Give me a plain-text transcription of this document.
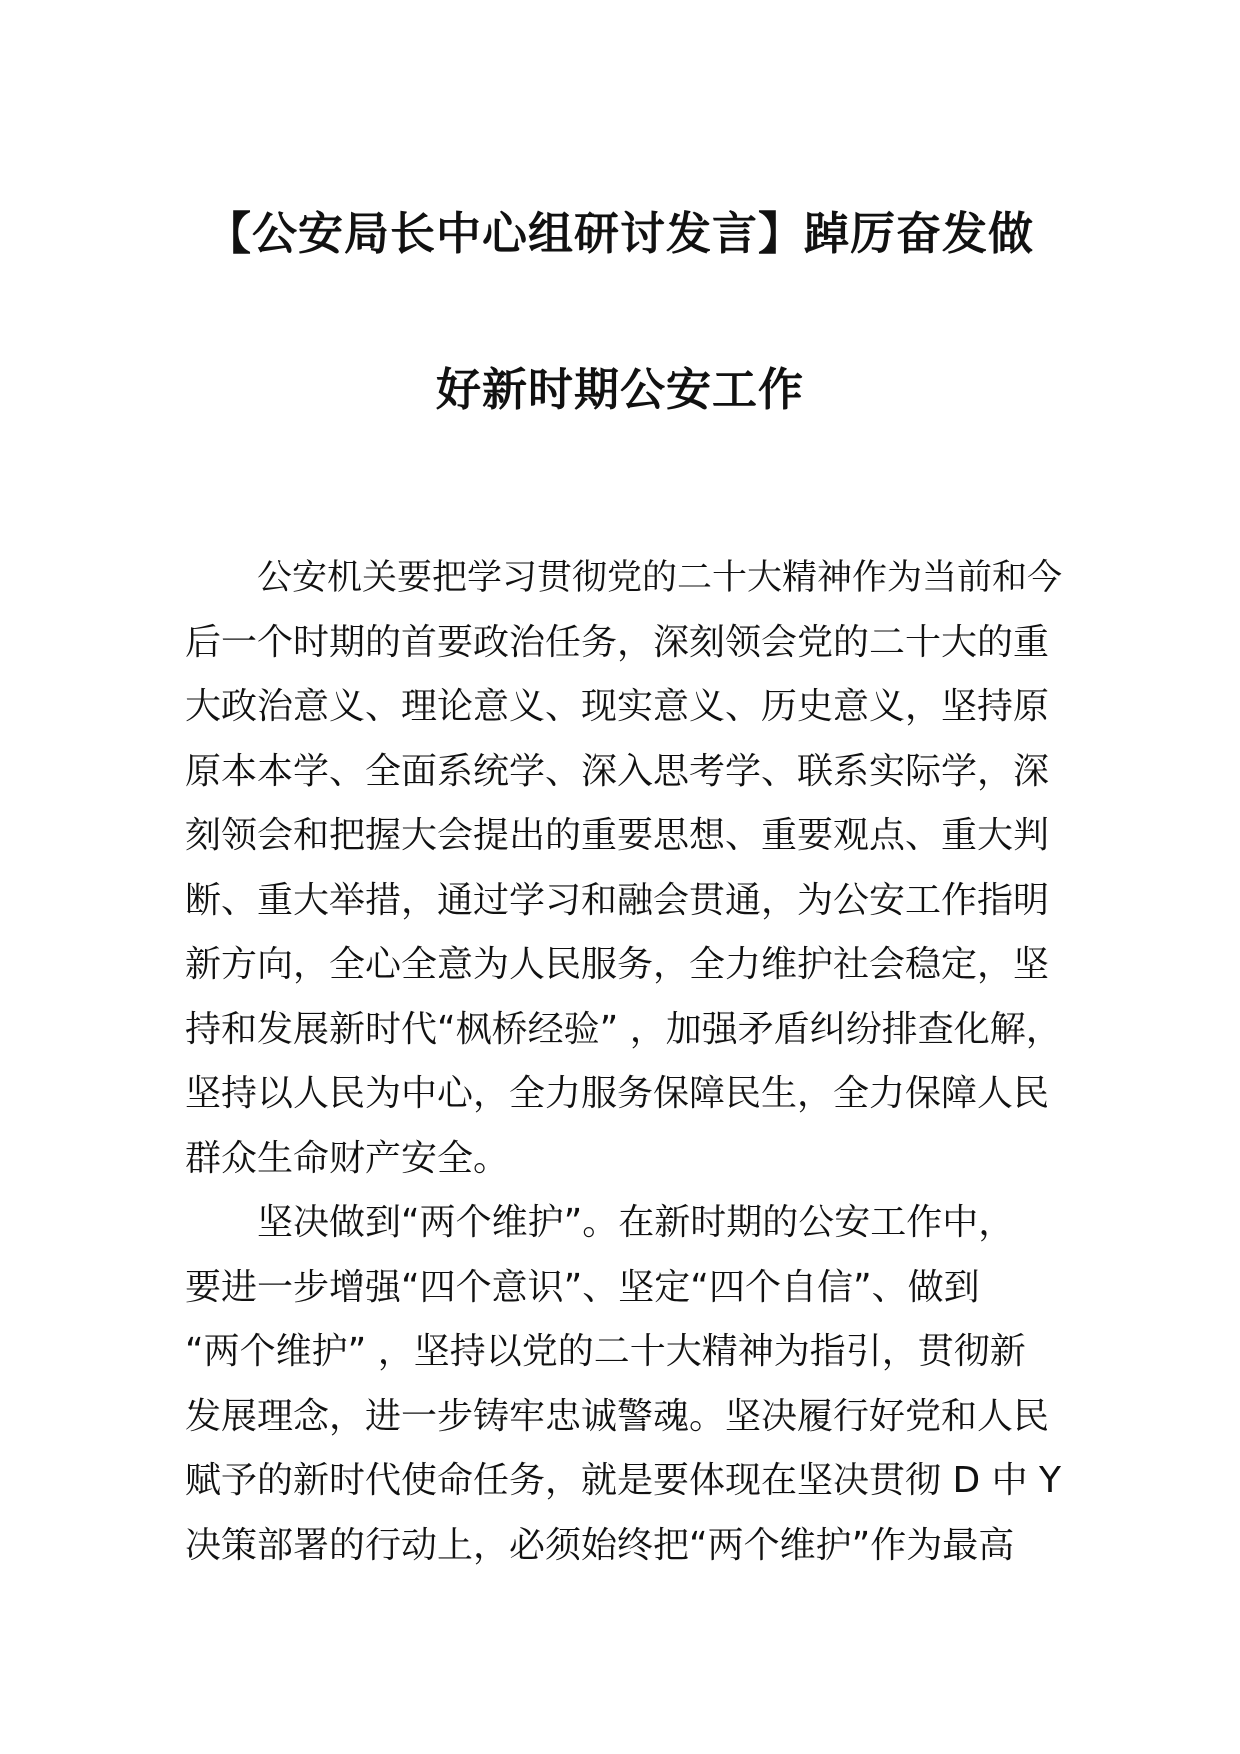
【公安局长中心组研讨发言】踔厉奋发做
好新时期公安工作

公安机关要把学习贯彻党的二十大精神作为当前和今
后一个时期的首要政治任务，深刻领会党的二十大的重
大政治意义、理论意义、现实意义、历史意义，坚持原
原本本学、全面系统学、深入思考学、联系实际学，深
刻领会和把握大会提出的重要思想、重要观点、重大判
断、重大举措，通过学习和融会贯通，为公安工作指明
新方向，全心全意为人民服务，全力维护社会稳定，坚
持和发展新时代“枫桥经验” ，加强矛盾纠纷排查化解，
坚持以人民为中心，全力服务保障民生，全力保障人民
群众生命财产安全。

坚决做到“两个维护”。在新时期的公安工作中，
要进一步增强“四个意识”、坚定“四个自信”、做到
“两个维护” ，坚持以党的二十大精神为指引，贯彻新
发展理念，进一步铸牢忠诚警魂。坚决履行好党和人民
赋予的新时代使命任务，就是要体现在坚决贯彻 D 中 Y
决策部署的行动上，必须始终把“两个维护”作为最高
